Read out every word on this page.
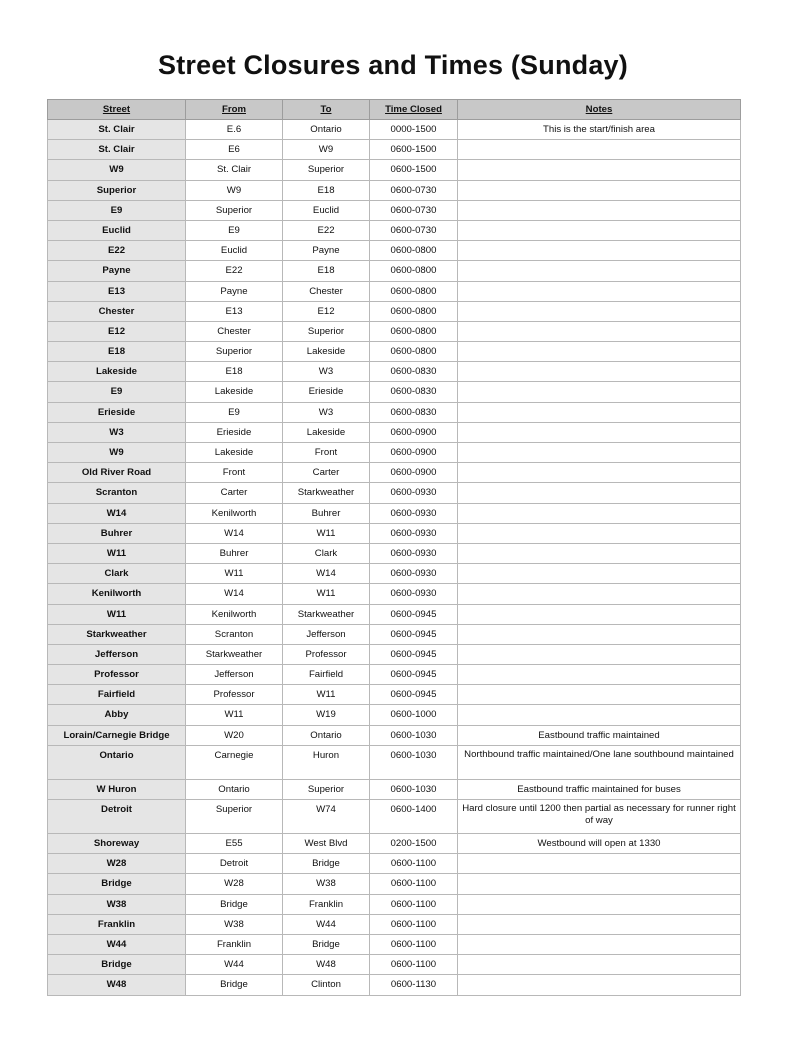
Street Closures and Times (Sunday)
Street	From	To	Time Closed	Notes
St. Clair	E.6	Ontario	0000-1500	This is the start/finish area
St. Clair	E6	W9	0600-1500	
W9	St. Clair	Superior	0600-1500	
Superior	W9	E18	0600-0730	
E9	Superior	Euclid	0600-0730	
Euclid	E9	E22	0600-0730	
E22	Euclid	Payne	0600-0800	
Payne	E22	E18	0600-0800	
E13	Payne	Chester	0600-0800	
Chester	E13	E12	0600-0800	
E12	Chester	Superior	0600-0800	
E18	Superior	Lakeside	0600-0800	
Lakeside	E18	W3	0600-0830	
E9	Lakeside	Erieside	0600-0830	
Erieside	E9	W3	0600-0830	
W3	Erieside	Lakeside	0600-0900	
W9	Lakeside	Front	0600-0900	
Old River Road	Front	Carter	0600-0900	
Scranton	Carter	Starkweather	0600-0930	
W14	Kenilworth	Buhrer	0600-0930	
Buhrer	W14	W11	0600-0930	
W11	Buhrer	Clark	0600-0930	
Clark	W11	W14	0600-0930	
Kenilworth	W14	W11	0600-0930	
W11	Kenilworth	Starkweather	0600-0945	
Starkweather	Scranton	Jefferson	0600-0945	
Jefferson	Starkweather	Professor	0600-0945	
Professor	Jefferson	Fairfield	0600-0945	
Fairfield	Professor	W11	0600-0945	
Abby	W11	W19	0600-1000	
Lorain/Carnegie Bridge	W20	Ontario	0600-1030	Eastbound traffic maintained
Ontario	Carnegie	Huron	0600-1030	Northbound traffic maintained/One lane southbound maintained
W Huron	Ontario	Superior	0600-1030	Eastbound traffic maintained for buses
Detroit	Superior	W74	0600-1400	Hard closure until 1200 then partial as necessary for runner right of way
Shoreway	E55	West Blvd	0200-1500	Westbound will open at 1330
W28	Detroit	Bridge	0600-1100	
Bridge	W28	W38	0600-1100	
W38	Bridge	Franklin	0600-1100	
Franklin	W38	W44	0600-1100	
W44	Franklin	Bridge	0600-1100	
Bridge	W44	W48	0600-1100	
W48	Bridge	Clinton	0600-1130	
